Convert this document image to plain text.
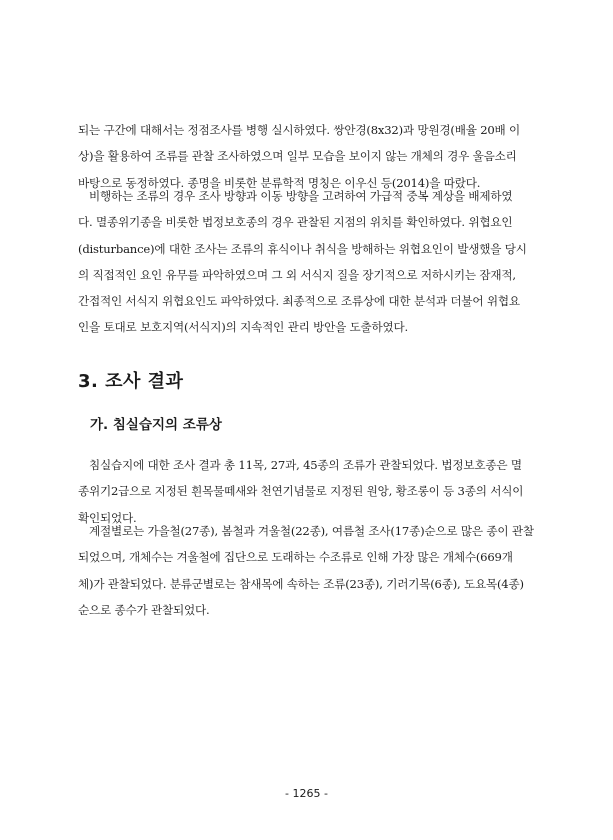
되는 구간에 대해서는 정점조사를 병행 실시하였다. 쌍안경(8x32)과 망원경(배율 20배 이
상)을 활용하여 조류를 관찰 조사하였으며 일부 모습을 보이지 않는 개체의 경우 울음소리
바탕으로 동정하였다. 종명을 비롯한 분류학적 명칭은 이우신 등(2014)을 따랐다.

비행하는 조류의 경우 조사 방향과 이동 방향을 고려하여 가급적 중복 계상을 배제하였
다. 멸종위기종을 비롯한 법정보호종의 경우 관찰된 지점의 위치를 확인하였다. 위협요인
(disturbance)에 대한 조사는 조류의 휴식이나 취식을 방해하는 위협요인이 발생했을 당시
의 직접적인 요인 유무를 파악하였으며 그 외 서식지 질을 장기적으로 저하시키는 잠재적,
간접적인 서식지 위협요인도 파악하였다. 최종적으로 조류상에 대한 분석과 더불어 위협요
인을 토대로 보호지역(서식지)의 지속적인 관리 방안을 도출하였다.

3. 조사 결과
가. 침실습지의 조류상

침실습지에 대한 조사 결과 총 11목, 27과, 45종의 조류가 관찰되었다. 법정보호종은 멸
종위기2급으로 지정된 흰목물떼새와 천연기념물로 지정된 원앙, 황조롱이 등 3종의 서식이
확인되었다.

계절별로는 가을철(27종), 봄철과 겨울철(22종), 여름철 조사(17종)순으로 많은 종이 관찰
되었으며, 개체수는 겨울철에 집단으로 도래하는 수조류로 인해 가장 많은 개체수(669개
체)가 관찰되었다. 분류군별로는 참새목에 속하는 조류(23종), 기러기목(6종), 도요목(4종)
순으로 종수가 관찰되었다.

- 1265 -
